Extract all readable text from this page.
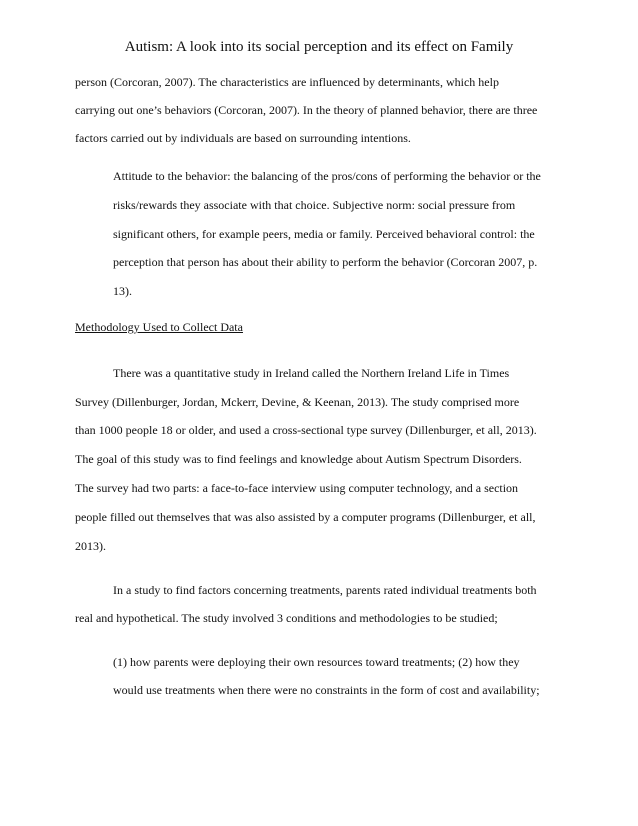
Autism: A look into its social perception and its effect on Family
person (Corcoran, 2007). The characteristics are influenced by determinants, which help
carrying out one’s behaviors (Corcoran, 2007). In the theory of planned behavior, there are three
factors carried out by individuals are based on surrounding intentions.
Attitude to the behavior: the balancing of the pros/cons of performing the behavior or the
risks/rewards they associate with that choice. Subjective norm: social pressure from
significant others, for example peers, media or family. Perceived behavioral control: the
perception that person has about their ability to perform the behavior (Corcoran 2007, p.
13).
Methodology Used to Collect Data
There was a quantitative study in Ireland called the Northern Ireland Life in Times
Survey (Dillenburger, Jordan, Mckerr, Devine, & Keenan, 2013). The study comprised more
than 1000 people 18 or older, and used a cross-sectional type survey (Dillenburger, et all, 2013).
The goal of this study was to find feelings and knowledge about Autism Spectrum Disorders.
The survey had two parts: a face-to-face interview using computer technology, and a section
people filled out themselves that was also assisted by a computer programs (Dillenburger, et all,
2013).
In a study to find factors concerning treatments, parents rated individual treatments both
real and hypothetical. The study involved 3 conditions and methodologies to be studied;
(1) how parents were deploying their own resources toward treatments; (2) how they
would use treatments when there were no constraints in the form of cost and availability;
